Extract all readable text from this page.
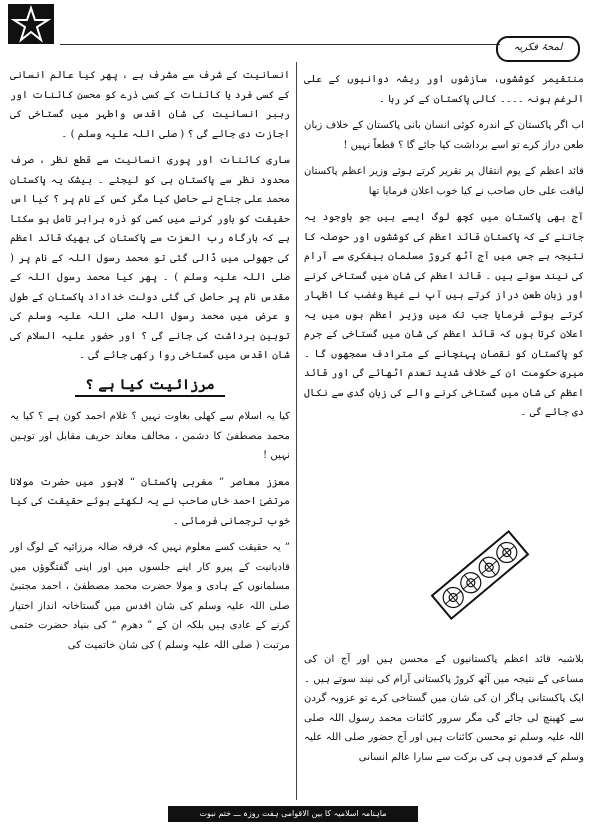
لمحۂ فکریہ

منتقیمر کوششوں، سازشوں اور ریشہ دوانیوں کے علی الرغم ہونہ ۔۔۔۔ کالی پاکستان کے کر رہا ۔

اب اگر پاکستان کے اندرہ کوئی انسان بانی پاکستان کے خلاف زبان طعن دراز کرے تو اسے برداشت کیا جائے گا ؟ قطعاً نہیں !

قائد اعظم کے یوم انتقال پر تقریر کرتے ہوئے وزیر اعظم پاکستان لیاقت علی خاں صاحب نے کیا خوب اعلان فرمایا تھا

آج بھی پاکستان میں کچھ لوگ ایسے ہیں جو باوجود یہ جاننے کے کہ پاکستان قائد اعظم کی کوششوں اور حوصلہ کا نتیجہ ہے جس میں آج آٹھ کروڑ مسلمان بیفکری سے آرام کی نیند سوتے ہیں ۔ قائد اعظم کی شان میں گستاخی کرنے اور زبان طعن دراز کرتے ہیں آپ نے غیظ وغضب کا اظہار کرتے ہوئے فرمایا جب تک میں وزیر اعظم ہوں میں یہ اعلان کرتا ہوں کہ قائد اعظم کی شان میں گستاخی کے جرم کو پاکستان کو نقصان پہنچانے کے مترادف سمجھوں گا ۔ میری حکومت ان کے خلاف شدید تعدم اٹھائے گی اور قائد اعظم کی شان میں گستاخی کرنے والے کی زبان گدی سے نکال دی جائے گی ۔

بلاشبہ قائد اعظم پاکستانیوں کے محسن ہیں اور آج ان کی مساعی کے نتیجہ میں آٹھ کروڑ پاکستانی آرام کی نیند سوتے ہیں ۔ ایک پاکستانی ہاگر ان کی شان میں گستاخی کرے تو عزوبہ گردن سے کھینچ لی جائے گی مگر سرور کائنات محمد رسول اللہ صلی اللہ علیہ وسلم تو محسن کائنات ہیں اور آج حضور صلی اللہ علیہ وسلم کے قدموں ہی کی برکت سے سارا عالم انسانی

انسانیت کے شرف سے مشرف ہے ، پھر کیا عالم انسانی کے کسی فرد یا کائنات کے کسی ذرے کو محسن کائنات اور رہبر انسانیت کی شان اقدس واطہر میں گستاخی کی اجازت دی جائے گی ؟ ( صلی اللہ علیہ وسلم ) ۔

ساری کائنات اور پوری انسانیت سے قطع نظر ، صرف محدود نظر سے پاکستان ہی کو لیجئے ۔ بیشک یہ پاکستان محمد علی جناح نے حاصل کیا مگر کس کے نام پر ؟ کیا اس حقیقت کو باور کرنے میں کسی کو ذرہ برابر تامل ہو سکتا ہے کہ بارگاہ رب العزت سے پاکستان کی بھیک قائد اعظم کی جھولی میں ڈالی گئی تو محمد رسول اللہ کے نام پر ( صلی اللہ علیہ وسلم ) ۔ پھر کیا محمد رسول اللہ کے مقدس نام پر حاصل کی گئی دولت خداداد پاکستان کے طول و عرض میں محمد رسول اللہ صلی اللہ علیہ وسلم کی توہین برداشت کی جانے گی ؟ اور حضور علیہ السلام کی شان اقدس میں گستاخی روا رکھی جائے گی ۔

مرزائیت کیا ہے ؟

کیا یہ اسلام سے کھلی بغاوت نہیں ؟ غلام احمد کون ہے ؟ کیا یہ محمد مصطفیٰ کا دشمن ، مخالف معاند حریف مقابل اور توہین نہیں !

معزز معاصر ” مغربی پاکستان “ لاہور میں حضرت مولانا مرتضیٰ احمد خاں صاحب نے یہ لکھتے ہوئے حقیقت کی کیا خوب ترجمانی فرمائی ۔

” یہ حقیقت کسے معلوم نہیں کہ فرقہ ضالہ مرزائیہ کے لوگ اور قادیانیت کے پیرو کار اپنے جلسوں میں اور اپنی گفتگوؤں میں مسلمانوں کے ہادی و مولا حضرت محمد مصطفیٰ ، احمد مجتبیٰ صلی اللہ علیہ وسلم کی شان اقدس میں گستاخانہ انداز اختیار کرنے کے عادی ہیں بلکہ ان کے ” دھرم “ کی بنیاد حضرت ختمی مرتبت ( صلی اللہ علیہ وسلم ) کی شان خاتمیت کی

ماہنامہ اسلامیہ کا بین الاقوامی ہفت روزہ ـــ ختم نبوت
